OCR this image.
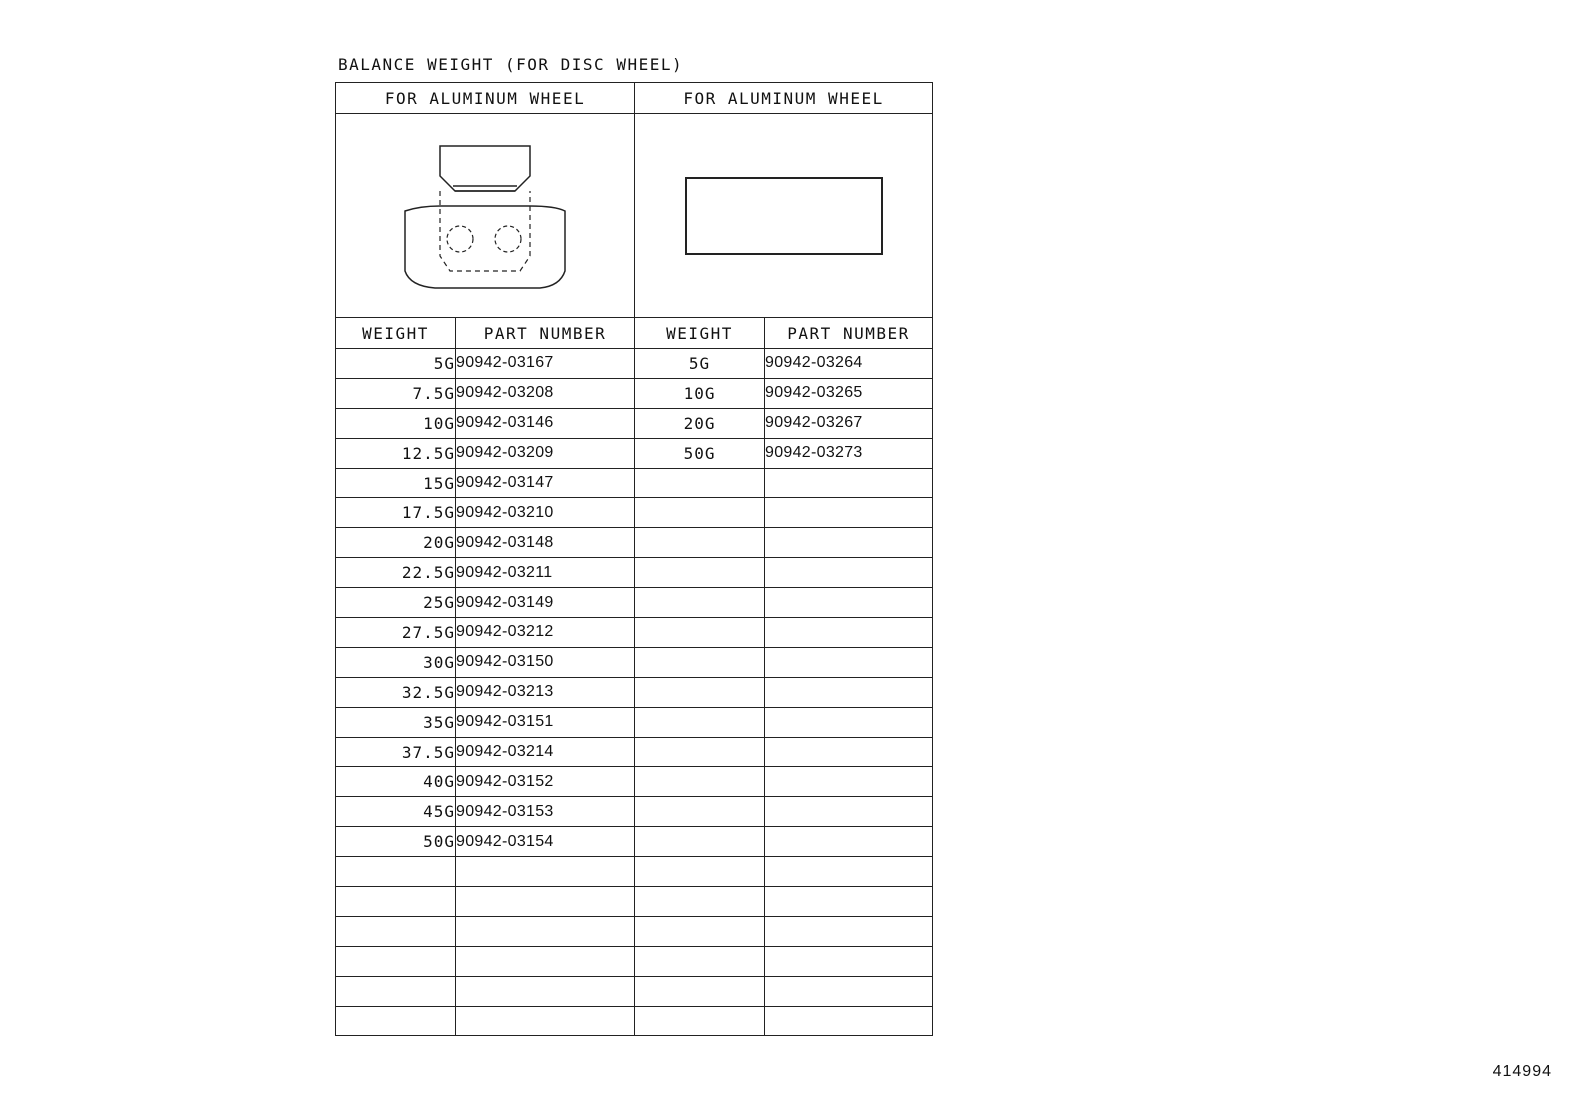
BALANCE WEIGHT (FOR DISC WHEEL)
FOR ALUMINUM WHEEL		FOR ALUMINUM WHEEL	

WEIGHT	PART NUMBER	WEIGHT	PART NUMBER
5G	90942-03167	5G	90942-03264
7.5G	90942-03208	10G	90942-03265
10G	90942-03146	20G	90942-03267
12.5G	90942-03209	50G	90942-03273
15G	90942-03147		
17.5G	90942-03210		
20G	90942-03148		
22.5G	90942-03211		
25G	90942-03149		
27.5G	90942-03212		
30G	90942-03150		
32.5G	90942-03213		
35G	90942-03151		
37.5G	90942-03214		
40G	90942-03152		
45G	90942-03153		
50G	90942-03154		

414994
